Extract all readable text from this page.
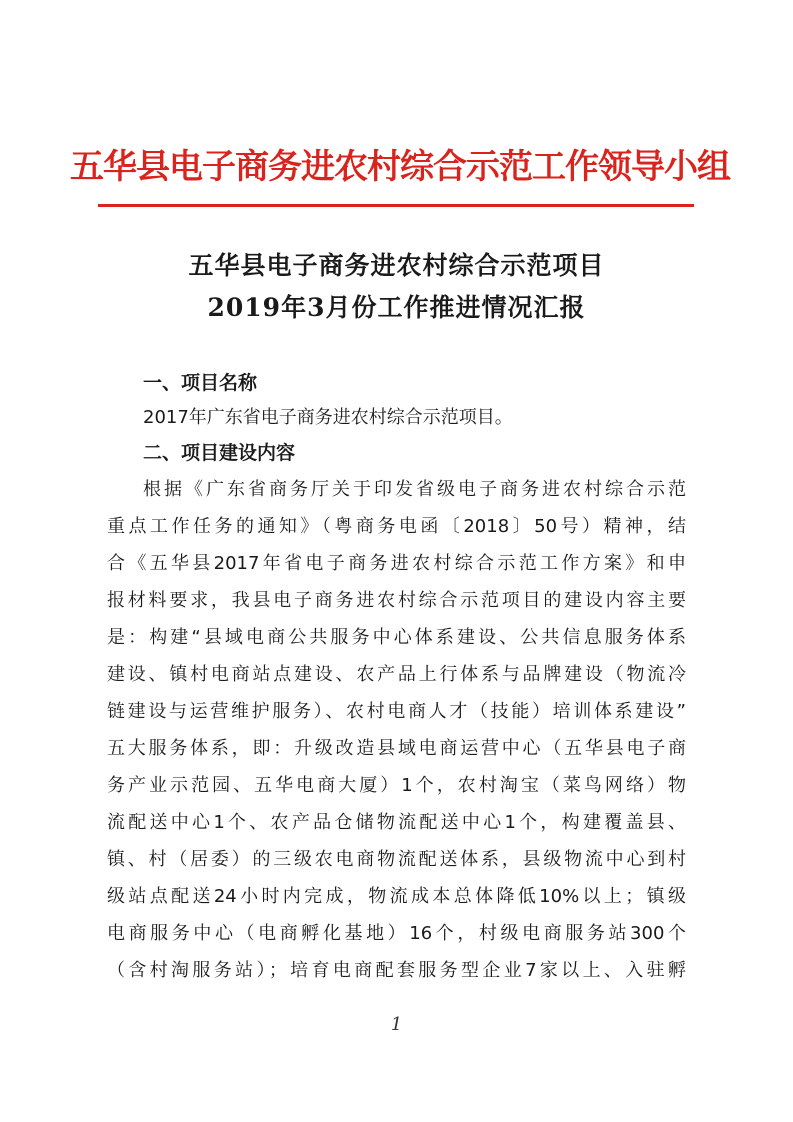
五华县电子商务进农村综合示范工作领导小组
五华县电子商务进农村综合示范项目
2019年3月份工作推进情况汇报
一、项目名称
2017年广东省电子商务进农村综合示范项目。
二、项目建设内容
根据《广东省商务厅关于印发省级电子商务进农村综合示范
重点工作任务的通知》（粤商务电函〔2018〕50号）精神，结
合《五华县2017年省电子商务进农村综合示范工作方案》和申
报材料要求，我县电子商务进农村综合示范项目的建设内容主要
是：构建“县域电商公共服务中心体系建设、公共信息服务体系
建设、镇村电商站点建设、农产品上行体系与品牌建设（物流冷
链建设与运营维护服务）、农村电商人才（技能）培训体系建设”
五大服务体系，即：升级改造县域电商运营中心（五华县电子商
务产业示范园、五华电商大厦）1个，农村淘宝（菜鸟网络）物
流配送中心1个、农产品仓储物流配送中心1个，构建覆盖县、
镇、村（居委）的三级农电商物流配送体系，县级物流中心到村
级站点配送24小时内完成，物流成本总体降低10%以上；镇级
电商服务中心（电商孵化基地）16个，村级电商服务站300个
（含村淘服务站）；培育电商配套服务型企业7家以上、入驻孵
1
